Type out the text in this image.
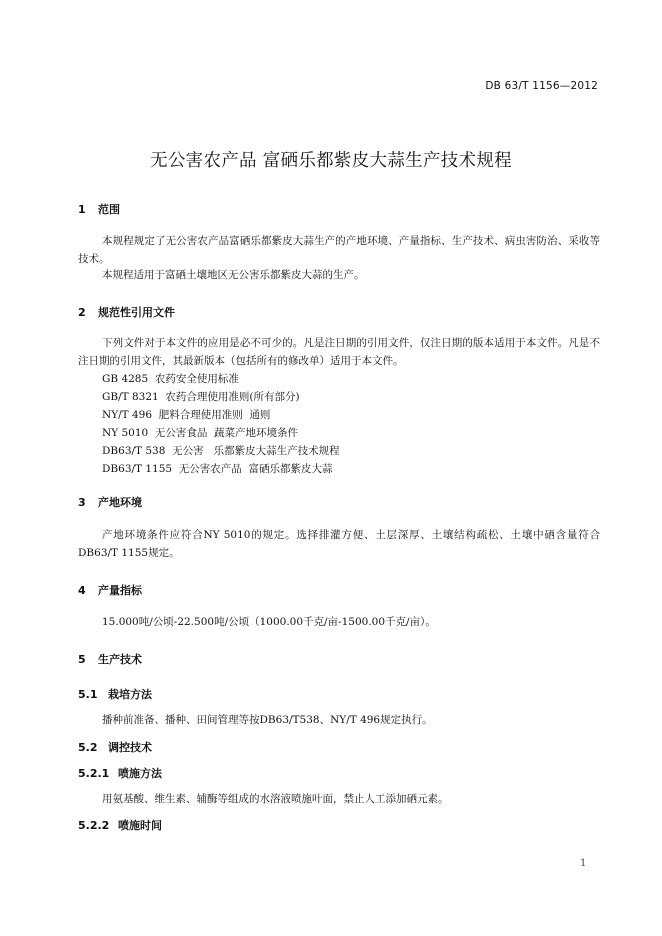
DB 63/T 1156—2012
无公害农产品 富硒乐都紫皮大蒜生产技术规程
1 范围
本规程规定了无公害农产品富硒乐都紫皮大蒜生产的产地环境、产量指标、生产技术、病虫害防治、采收等技术。
本规程适用于富硒土壤地区无公害乐都紫皮大蒜的生产。
2 规范性引用文件
下列文件对于本文件的应用是必不可少的。凡是注日期的引用文件，仅注日期的版本适用于本文件。凡是不注日期的引用文件，其最新版本（包括所有的修改单）适用于本文件。
GB 4285  农药安全使用标准
GB/T 8321  农药合理使用准则(所有部分)
NY/T 496  肥料合理使用准则  通则
NY 5010  无公害食品  蔬菜产地环境条件
DB63/T 538  无公害   乐都紫皮大蒜生产技术规程
DB63/T 1155  无公害农产品  富硒乐都紫皮大蒜
3 产地环境
产地环境条件应符合NY 5010的规定。选择排灌方便、土层深厚、土壤结构疏松、土壤中硒含量符合DB63/T 1155规定。
4 产量指标
15.000吨/公顷-22.500吨/公顷（1000.00千克/亩-1500.00千克/亩）。
5 生产技术
5.1 栽培方法
播种前准备、播种、田间管理等按DB63/T538、NY/T 496规定执行。
5.2 调控技术
5.2.1 喷施方法
用氨基酸、维生素、辅酶等组成的水溶液喷施叶面，禁止人工添加硒元素。
5.2.2 喷施时间
1
